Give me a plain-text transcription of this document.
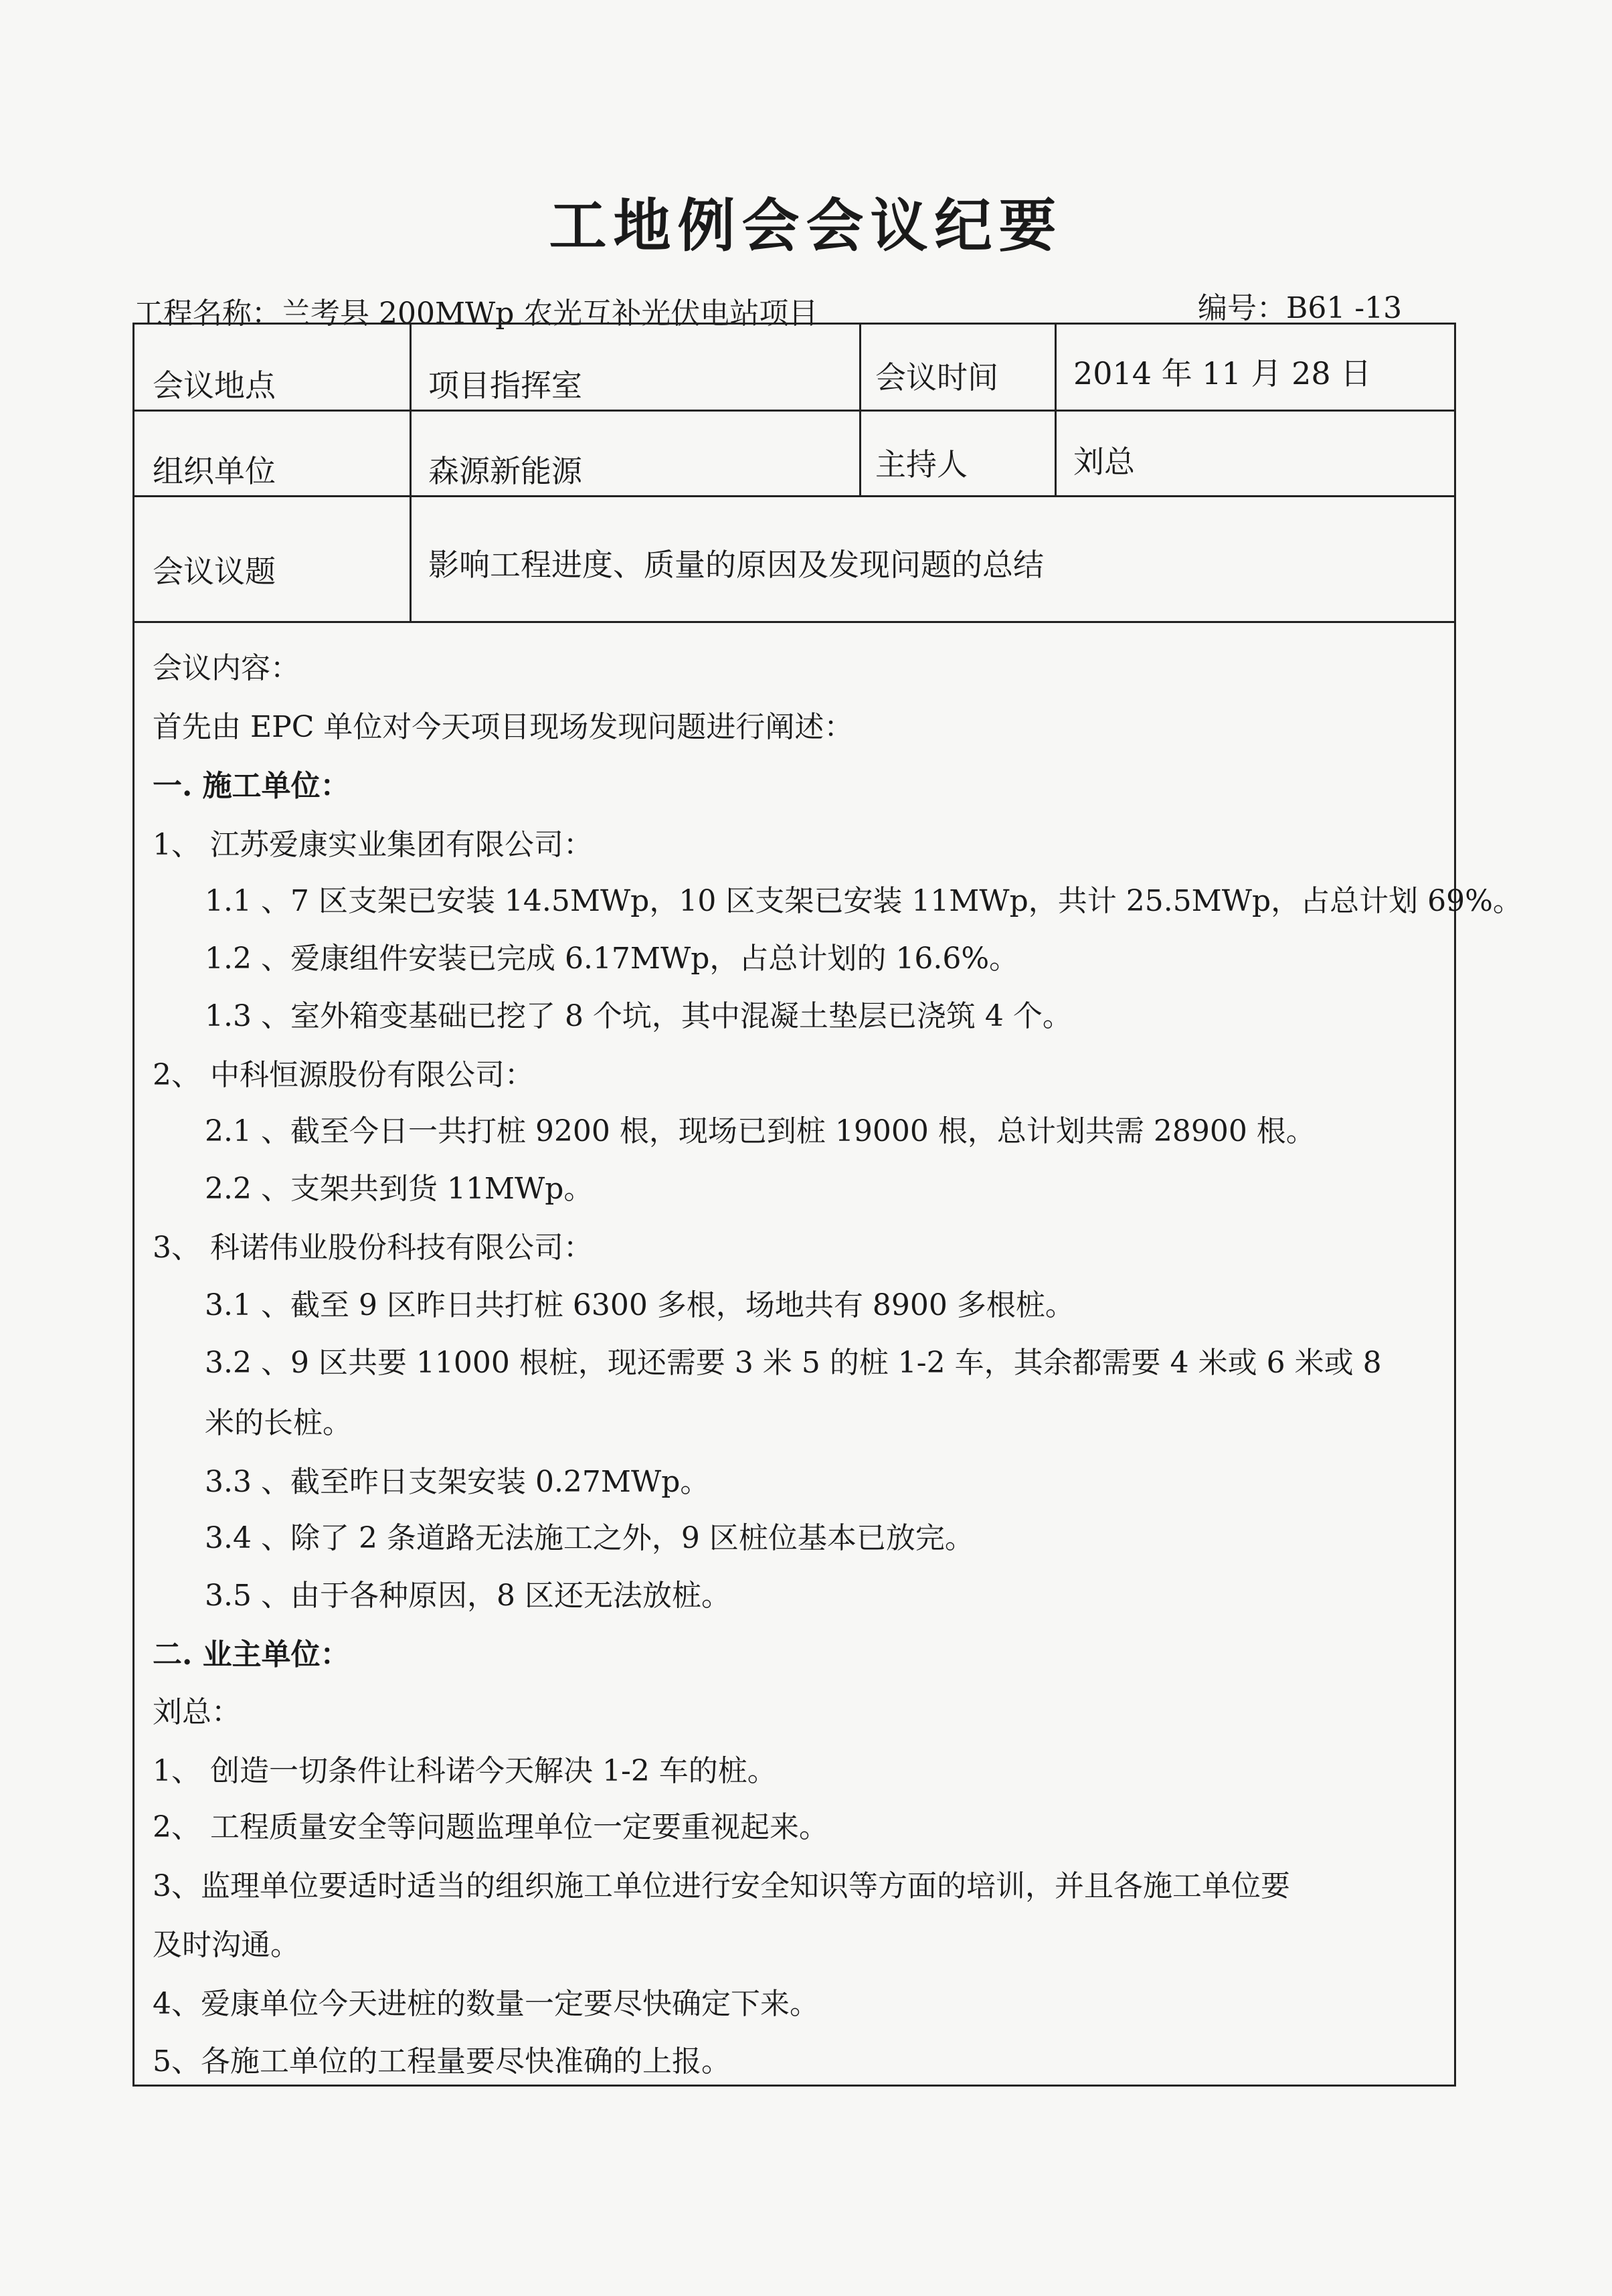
工地例会会议纪要
工程名称：兰考县 200MWp 农光互补光伏电站项目	编号：B61 -13
会议地点	项目指挥室	会议时间 2014 年 11 月 28 日
组织单位	森源新能源	主持人	刘总
会议议题	影响工程进度、质量的原因及发现问题的总结
会议内容：
首先由 EPC 单位对今天项目现场发现问题进行阐述：
一. 施工单位：
1、 江苏爱康实业集团有限公司：
1.1 、7 区支架已安装 14.5MWp，10 区支架已安装 11MWp，共计 25.5MWp，占总计划 69%。
1.2 、爱康组件安装已完成 6.17MWp，占总计划的 16.6%。
1.3 、室外箱变基础已挖了 8 个坑，其中混凝土垫层已浇筑 4 个。
2、 中科恒源股份有限公司：
2.1 、截至今日一共打桩 9200 根，现场已到桩 19000 根，总计划共需 28900 根。
2.2 、支架共到货 11MWp。
3、 科诺伟业股份科技有限公司：
3.1 、截至 9 区昨日共打桩 6300 多根，场地共有 8900 多根桩。
3.2 、9 区共要 11000 根桩，现还需要 3 米 5 的桩 1-2 车，其余都需要 4 米或 6 米或 8
米的长桩。
3.3 、截至昨日支架安装 0.27MWp。
3.4 、除了 2 条道路无法施工之外，9 区桩位基本已放完。
3.5 、由于各种原因，8 区还无法放桩。
二. 业主单位：
刘总：
1、 创造一切条件让科诺今天解决 1-2 车的桩。
2、 工程质量安全等问题监理单位一定要重视起来。
3、监理单位要适时适当的组织施工单位进行安全知识等方面的培训，并且各施工单位要
及时沟通。
4、爱康单位今天进桩的数量一定要尽快确定下来。
5、各施工单位的工程量要尽快准确的上报。
